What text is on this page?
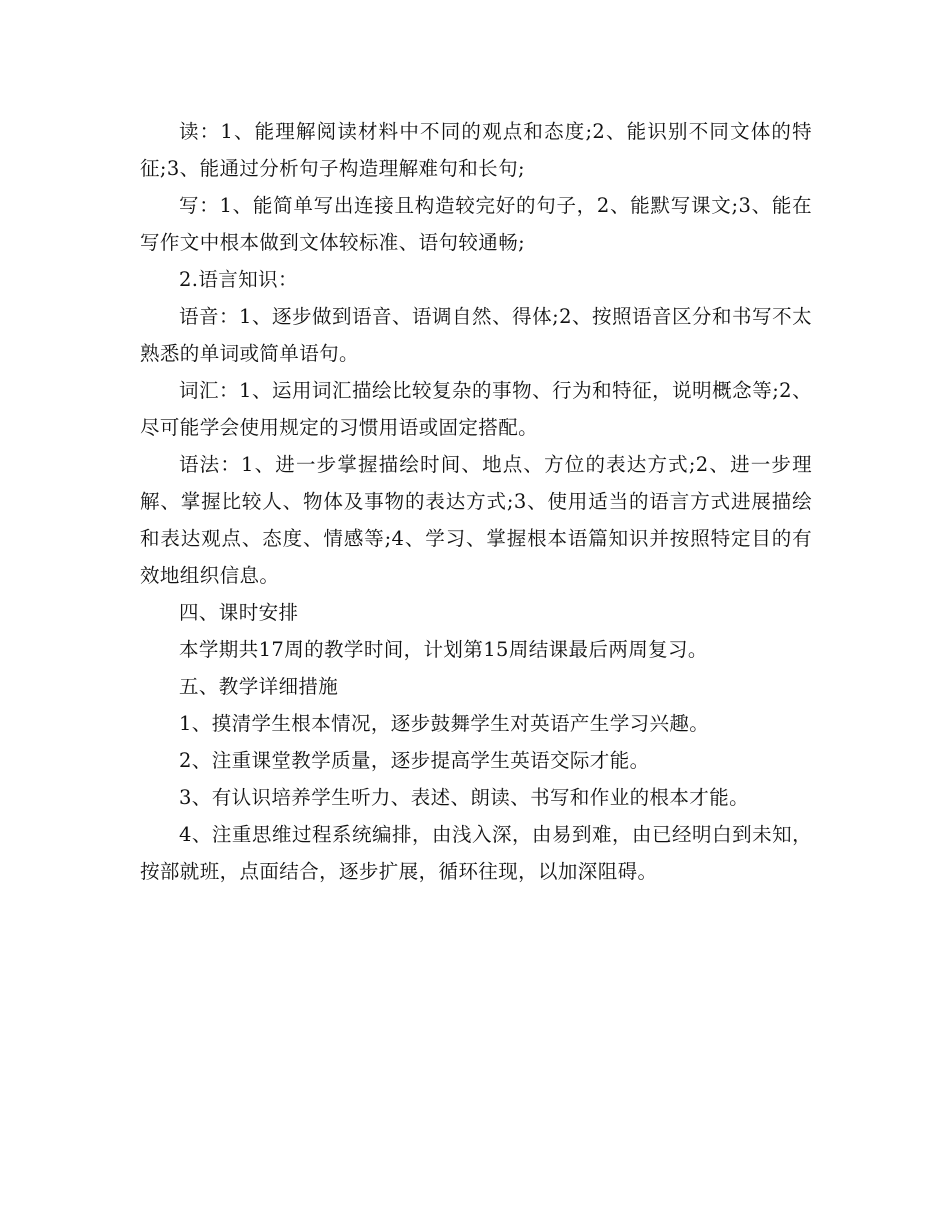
读：1、能理解阅读材料中不同的观点和态度;2、能识别不同文体的特征;3、能通过分析句子构造理解难句和长句;

写：1、能简单写出连接且构造较完好的句子，2、能默写课文;3、能在写作文中根本做到文体较标准、语句较通畅;

2.语言知识：

语音：1、逐步做到语音、语调自然、得体;2、按照语音区分和书写不太熟悉的单词或简单语句。

词汇：1、运用词汇描绘比较复杂的事物、行为和特征，说明概念等;2、尽可能学会使用规定的习惯用语或固定搭配。

语法：1、进一步掌握描绘时间、地点、方位的表达方式;2、进一步理解、掌握比较人、物体及事物的表达方式;3、使用适当的语言方式进展描绘和表达观点、态度、情感等;4、学习、掌握根本语篇知识并按照特定目的有效地组织信息。

四、课时安排

本学期共17周的教学时间，计划第15周结课最后两周复习。

五、教学详细措施

1、摸清学生根本情况，逐步鼓舞学生对英语产生学习兴趣。

2、注重课堂教学质量，逐步提高学生英语交际才能。

3、有认识培养学生听力、表述、朗读、书写和作业的根本才能。

4、注重思维过程系统编排，由浅入深，由易到难，由已经明白到未知，按部就班，点面结合，逐步扩展，循环往现，以加深阻碍。
